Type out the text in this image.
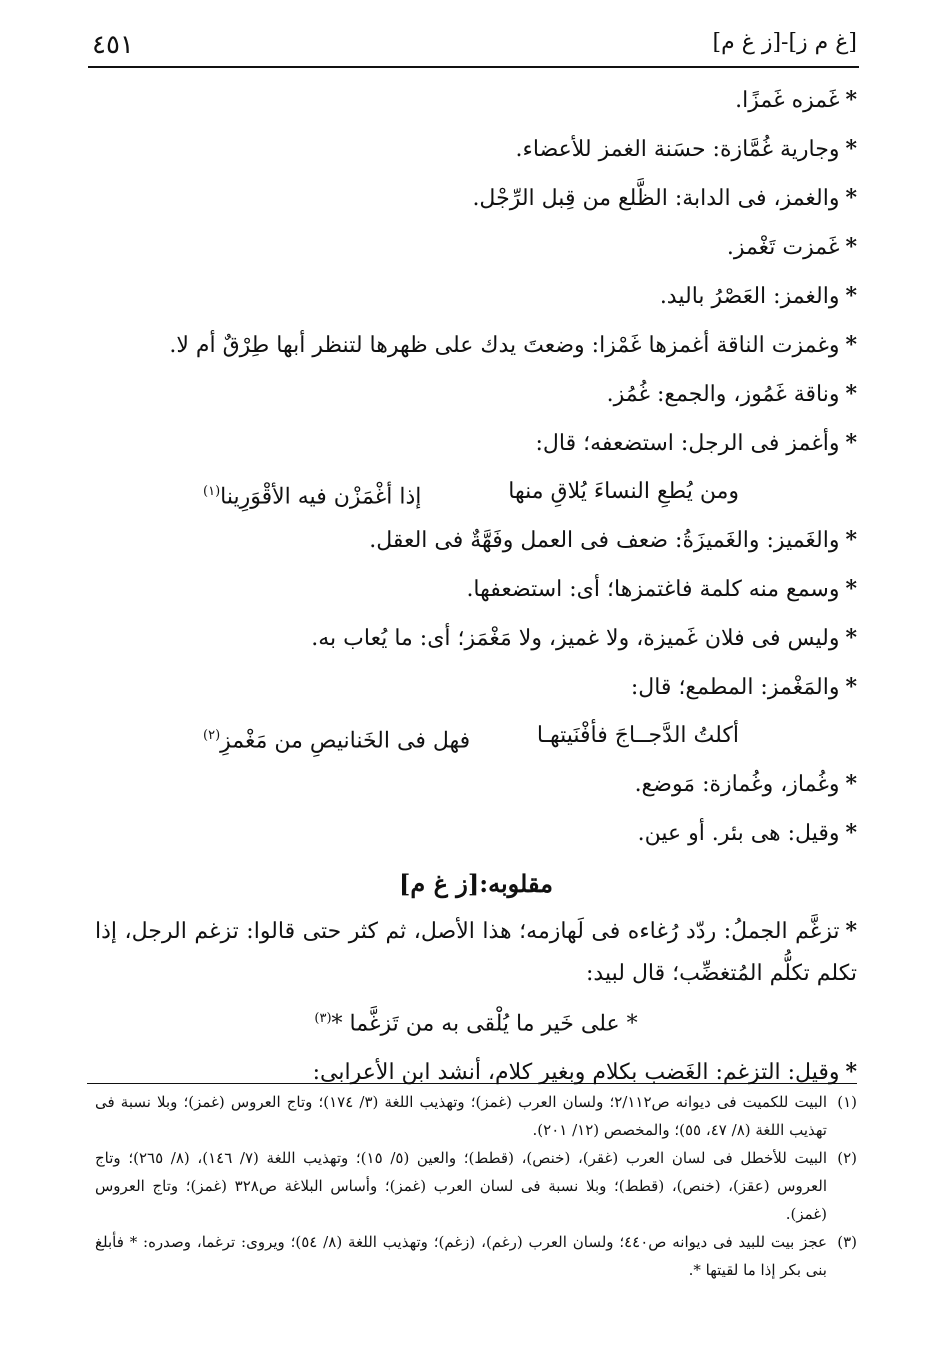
٤٥١	[غ م ز]-[ز غ م]
*غَمزه غَمزًا.
*وجارية غُمَّازة: حسَنة الغمز للأعضاء.
*والغمز، فى الدابة: الظَّلع من قِبل الرِّجْل.
*غَمزت تَغْمز.
*والغمز: العَصْرُ باليد.
*وغمزت الناقة أغمزها غَمْزا: وضعتَ يدك على ظهرها لتنظر أبها طِرْقٌ أم لا.
*وناقة غَمُوز، والجمع: غُمُز.
*وأغمز فى الرجل: استضعفه؛ قال:
ومن يُطعِ النساءَ يُلاقِ منها
إذا أغْمَزْن فيه الأقْوَرِينا$^{(١)}$
*والغَميز: والغَميزَةُ: ضعف فى العمل وفَهَّةٌ فى العقل.
*وسمع منه كلمة فاغتمزها؛ أى: استضعفها.
*وليس فى فلان غَميزة، ولا غميز، ولا مَغْمَز؛ أى: ما يُعاب به.
*والمَغْمز: المطمع؛ قال:
أكلتُ الدَّجــاجَ فأفْنَيتهـا
فهل فى الخَنانيصِ من مَغْمزِ$^{(٢)}$
*وغُماز، وغُمازة: مَوضع.
*وقيل: هى بئر. أو عين.
مقلوبه:[ز غ م]
*تزغَّم الجملُ: ردّد رُغاءه فى لَهازمه؛ هذا الأصل، ثم كثر حتى قالوا: تزغم الرجل، إذا تكلم تكلُّم المُتغضِّب؛ قال لبيد:
* على خَير ما يُلْقى به من تَزغَّما *$^{(٣)}$
*وقيل: التزغم: الغَضب بكلام وبغير كلام، أنشد ابن الأعرابى:
(١)
البيت للكميت فى ديوانه ص٢/١١٢؛ ولسان العرب (غمز)؛ وتهذيب اللغة (٣/ ١٧٤)؛ وتاج العروس (غمز)؛ وبلا نسبة فى تهذيب اللغة (٨/ ٤٧، ٥٥)؛ والمخصص (١٢/ ٢٠١).
(٢)
البيت للأخطل فى لسان العرب (غقر)، (خنص)، (قطط)؛ والعين (٥/ ١٥)؛ وتهذيب اللغة (٧/ ١٤٦)، (٨/ ٢٦٥)؛ وتاج العروس (عقز)، (خنص)، (قطط)؛ وبلا نسبة فى لسان العرب (غمز)؛ وأساس البلاغة ص٣٢٨ (غمز)؛ وتاج العروس (غمز).
(٣)
عجز بيت للبيد فى ديوانه ص٤٤٠؛ ولسان العرب (رغم)، (زغم)؛ وتهذيب اللغة (٨/ ٥٤)؛ ويروى: ترغما، وصدره: * فأبلغ بنى بكر إذا ما لقيتها *.
